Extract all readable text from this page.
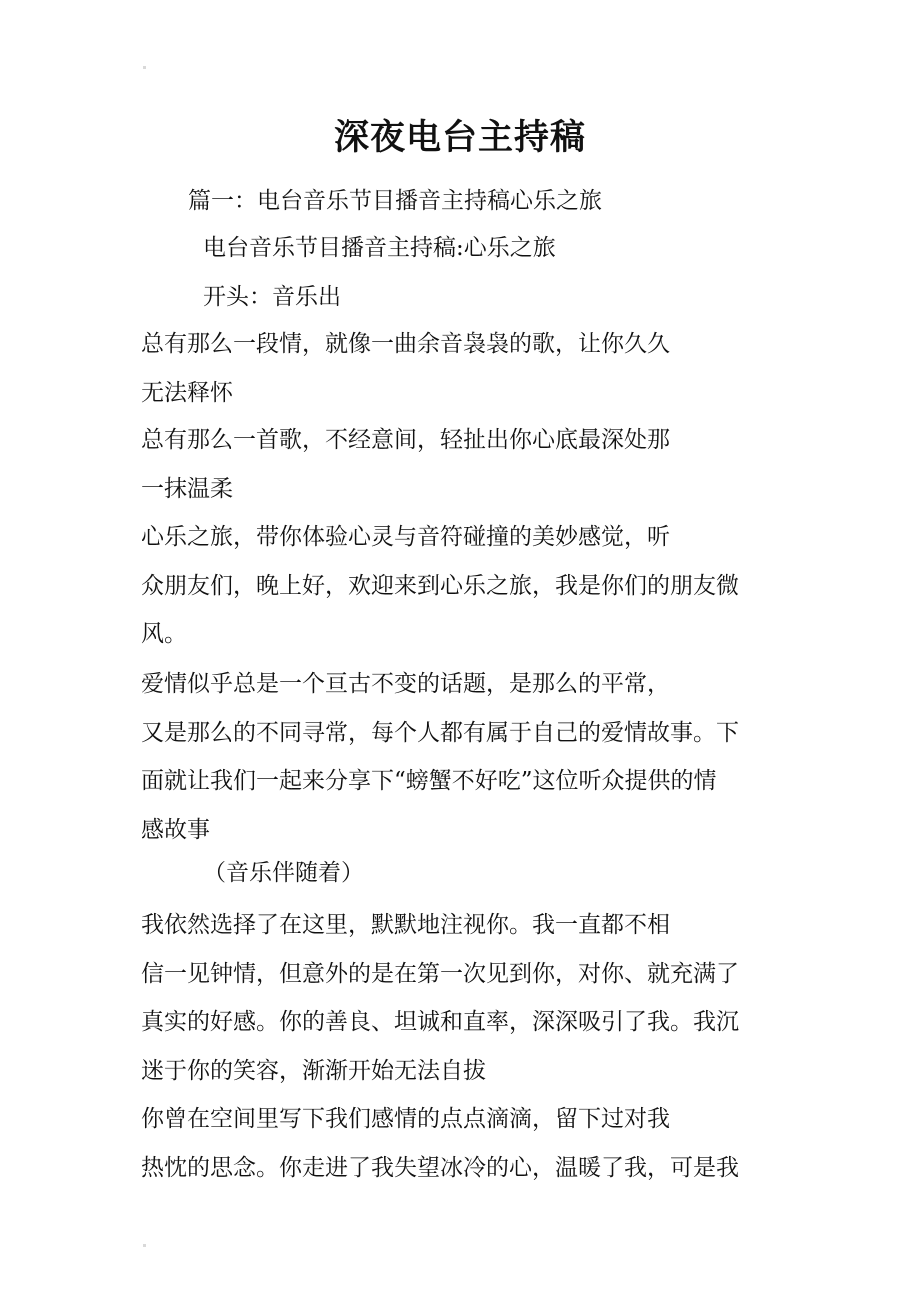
深夜电台主持稿

篇一：电台音乐节目播音主持稿心乐之旅

电台音乐节目播音主持稿:心乐之旅

开头：音乐出

总有那么一段情，就像一曲余音袅袅的歌，让你久久
无法释怀

总有那么一首歌，不经意间，轻扯出你心底最深处那
一抹温柔

心乐之旅，带你体验心灵与音符碰撞的美妙感觉，听
众朋友们，晚上好，欢迎来到心乐之旅，我是你们的朋友微
风。

爱情似乎总是一个亘古不变的话题，是那么的平常，
又是那么的不同寻常，每个人都有属于自己的爱情故事。下
面就让我们一起来分享下“螃蟹不好吃”这位听众提供的情
感故事

（音乐伴随着）

我依然选择了在这里，默默地注视你。我一直都不相
信一见钟情，但意外的是在第一次见到你，对你、就充满了
真实的好感。你的善良、坦诚和直率，深深吸引了我。我沉
迷于你的笑容，渐渐开始无法自拔

你曾在空间里写下我们感情的点点滴滴，留下过对我
热忱的思念。你走进了我失望冰冷的心，温暖了我，可是我
